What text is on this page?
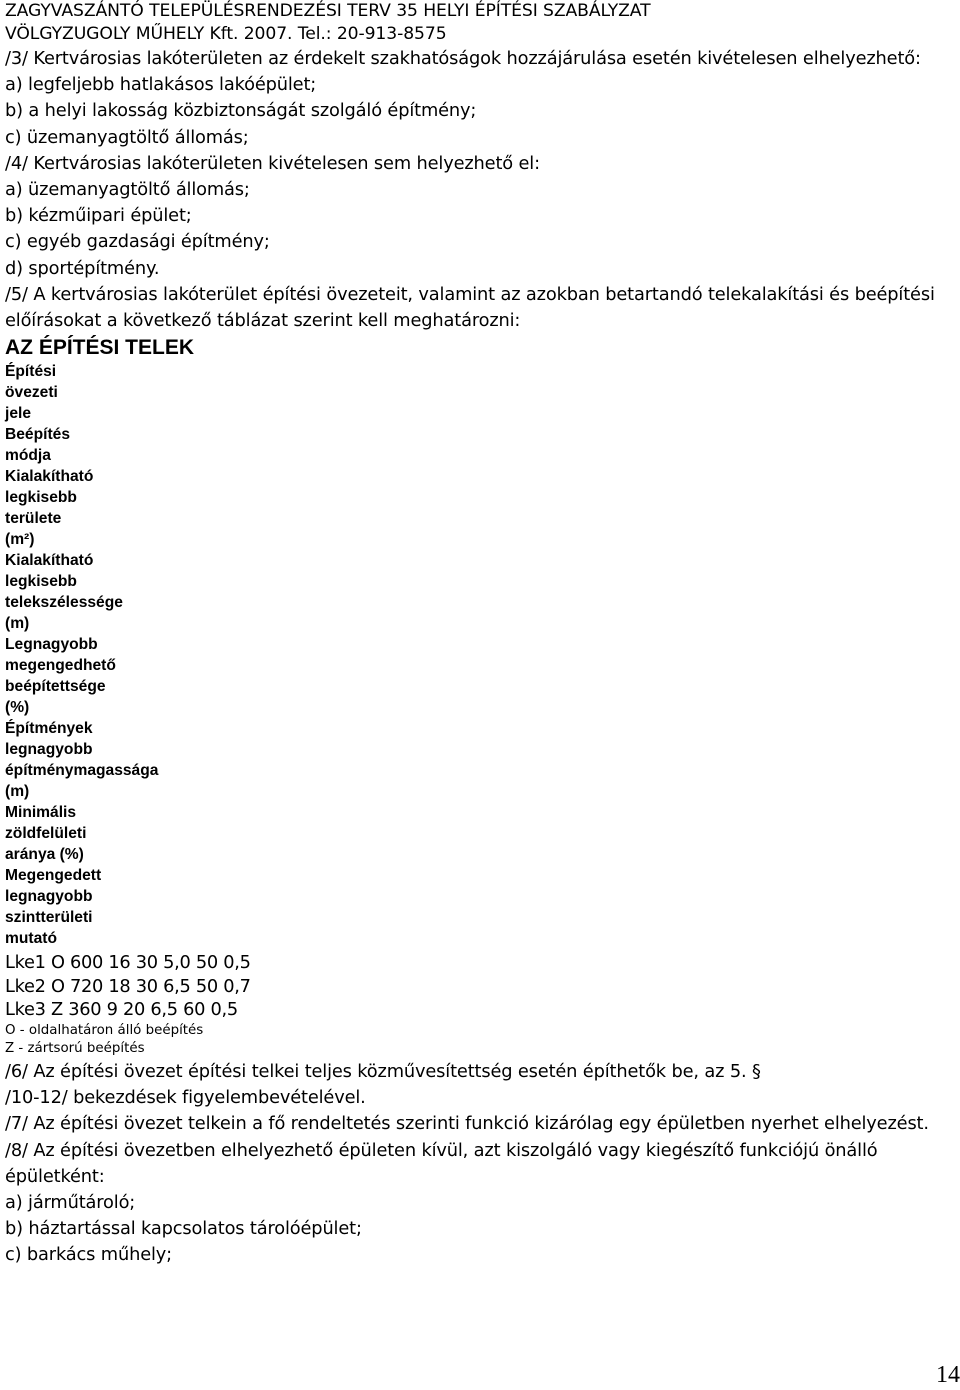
ZAGYVASZÁNTÓ TELEPÜLÉSRENDEZÉSI TERV 35 HELYI ÉPÍTÉSI SZABÁLYZAT
VÖLGYZUGOLY MŰHELY Kft. 2007. Tel.: 20-913-8575
/3/ Kertvárosias lakóterületen az érdekelt szakhatóságok hozzájárulása esetén kivételesen elhelyezhető:
a) legfeljebb hatlakásos lakóépület;
b) a helyi lakosság közbiztonságát szolgáló építmény;
c) üzemanyagtöltő állomás;
/4/ Kertvárosias lakóterületen kivételesen sem helyezhető el:
a) üzemanyagtöltő állomás;
b) kézműipari épület;
c) egyéb gazdasági építmény;
d) sportépítmény.
/5/ A kertvárosias lakóterület építési övezeteit, valamint az azokban betartandó telekalakítási és beépítési előírásokat a következő táblázat szerint kell meghatározni:
AZ ÉPÍTÉSI TELEK
Építési
övezeti
jele
Beépítés
módja
Kialakítható
legkisebb
területe
(m²)
Kialakítható
legkisebb
telekszélessége
(m)
Legnagyobb
megengedhető
beépítettsége
(%)
Építmények
legnagyobb
építménymagassága
(m)
Minimális
zöldfelületi
aránya (%)
Megengedett
legnagyobb
szintterületi
mutató
Lke1 O 600 16 30 5,0 50 0,5
Lke2 O 720 18 30 6,5 50 0,7
Lke3 Z 360 9 20 6,5 60 0,5
O - oldalhatáron álló beépítés
Z - zártsorú beépítés
/6/ Az építési övezet építési telkei teljes közművesítettség esetén építhetők be, az 5. §
/10-12/ bekezdések figyelembevételével.
/7/ Az építési övezet telkein a fő rendeltetés szerinti funkció kizárólag egy épületben nyerhet elhelyezést.
/8/ Az építési övezetben elhelyezhető épületen kívül, azt kiszolgáló vagy kiegészítő funkciójú önálló épületként:
a) járműtároló;
b) háztartással kapcsolatos tárolóépület;
c) barkács műhely;
14
